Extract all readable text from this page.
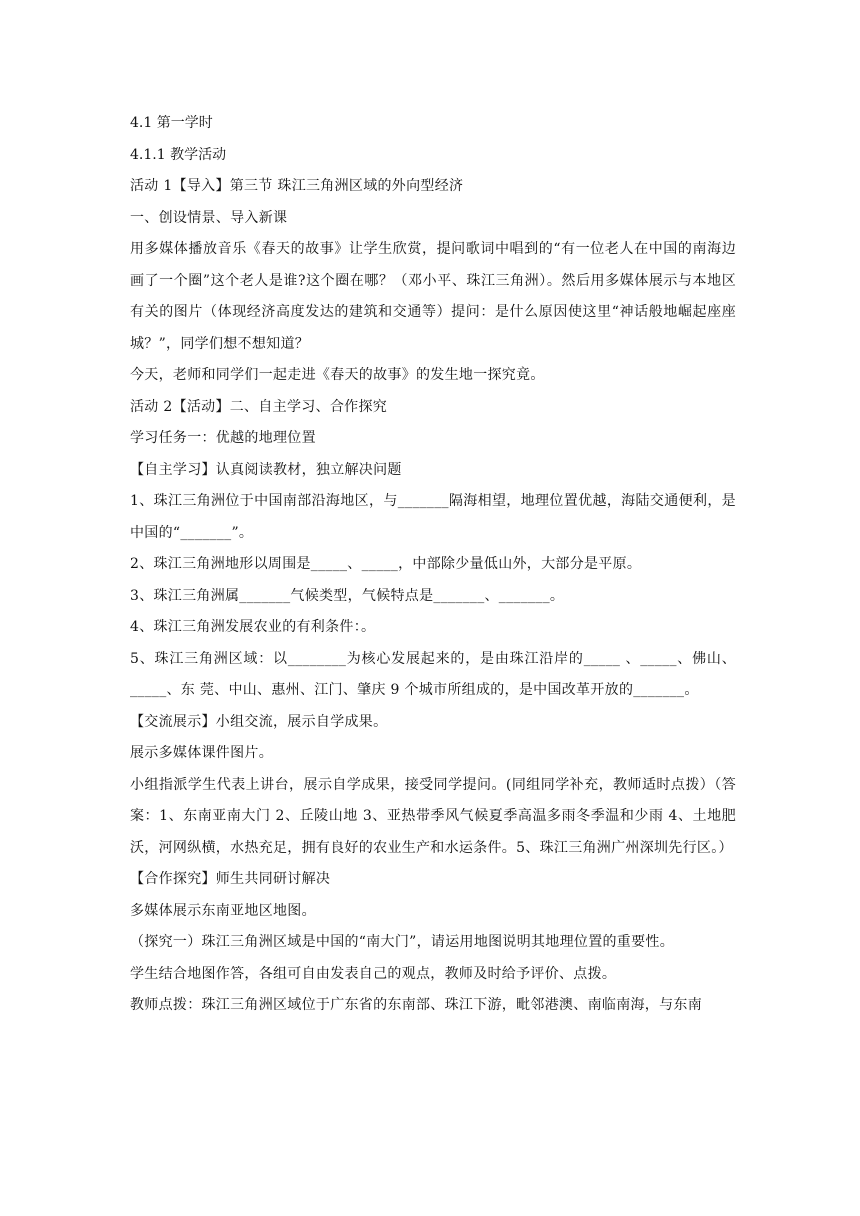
4.1 第一学时

4.1.1 教学活动

活动 1【导入】第三节 珠江三角洲区域的外向型经济

一、创设情景、导入新课

用多媒体播放音乐《春天的故事》让学生欣赏，提问歌词中唱到的“有一位老人在中国的南海边画了一个圈”这个老人是谁?这个圈在哪？（邓小平、珠江三角洲）。然后用多媒体展示与本地区有关的图片（体现经济高度发达的建筑和交通等）提问：是什么原因使这里“神话般地崛起座座城？”，同学们想不想知道？

今天，老师和同学们一起走进《春天的故事》的发生地一探究竟。

活动 2【活动】二、自主学习、合作探究

学习任务一：优越的地理位置

【自主学习】认真阅读教材，独立解决问题

1、珠江三角洲位于中国南部沿海地区，与_______隔海相望，地理位置优越，海陆交通便利，是中国的“_______”。

2、珠江三角洲地形以周围是_____、_____，中部除少量低山外，大部分是平原。

3、珠江三角洲属_______气候类型，气候特点是_______、_______。

4、珠江三角洲发展农业的有利条件：。

5、珠江三角洲区域：以________为核心发展起来的，是由珠江沿岸的_____ 、_____、佛山、_____、东 莞、中山、惠州、江门、肇庆 9 个城市所组成的，是中国改革开放的_______。

【交流展示】小组交流，展示自学成果。

展示多媒体课件图片。

小组指派学生代表上讲台，展示自学成果，接受同学提问。(同组同学补充，教师适时点拨）（答案：1、东南亚南大门 2、丘陵山地 3、亚热带季风气候夏季高温多雨冬季温和少雨 4、土地肥沃，河网纵横，水热充足，拥有良好的农业生产和水运条件。5、珠江三角洲广州深圳先行区。）

【合作探究】师生共同研讨解决

多媒体展示东南亚地区地图。

（探究一）珠江三角洲区域是中国的“南大门”，请运用地图说明其地理位置的重要性。

学生结合地图作答，各组可自由发表自己的观点，教师及时给予评价、点拨。

教师点拨：珠江三角洲区域位于广东省的东南部、珠江下游，毗邻港澳、南临南海，与东南
